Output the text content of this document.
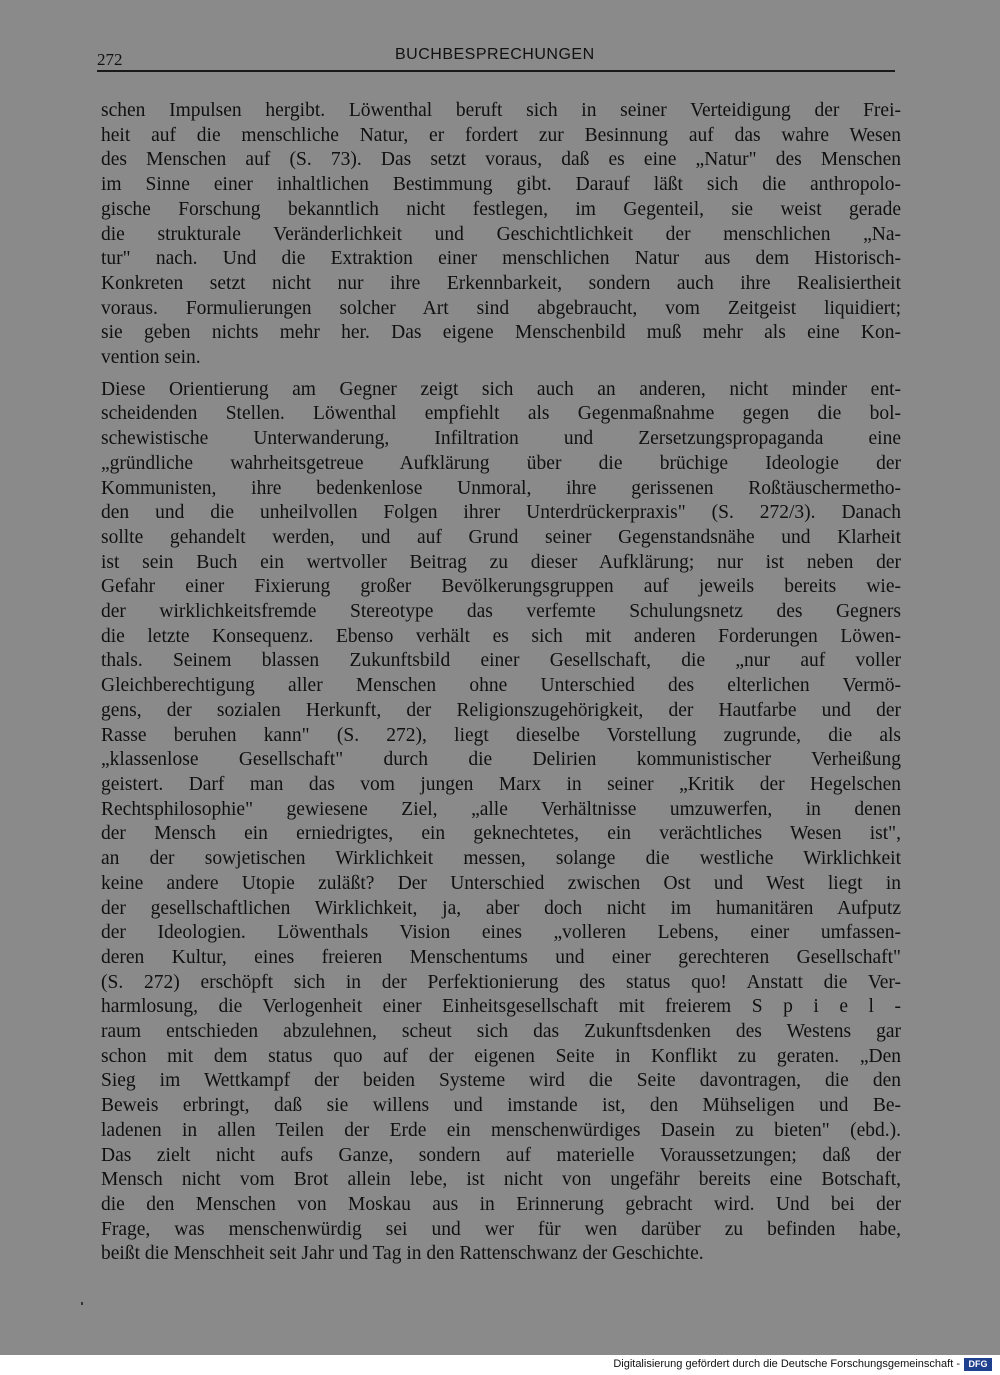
272	BUCHBESPRECHUNGEN

schen Impulsen hergibt. Löwenthal beruft sich in seiner Verteidigung der Frei-
heit auf die menschliche Natur, er fordert zur Besinnung auf das wahre Wesen
des Menschen auf (S. 73). Das setzt voraus, daß es eine „Natur" des Menschen
im Sinne einer inhaltlichen Bestimmung gibt. Darauf läßt sich die anthropolo-
gische Forschung bekanntlich nicht festlegen, im Gegenteil, sie weist gerade
die strukturale Veränderlichkeit und Geschichtlichkeit der menschlichen „Na-
tur" nach. Und die Extraktion einer menschlichen Natur aus dem Historisch-
Konkreten setzt nicht nur ihre Erkennbarkeit, sondern auch ihre Realisiertheit
voraus. Formulierungen solcher Art sind abgebraucht, vom Zeitgeist liquidiert;
sie geben nichts mehr her. Das eigene Menschenbild muß mehr als eine Kon-
vention sein.

Diese Orientierung am Gegner zeigt sich auch an anderen, nicht minder ent-
scheidenden Stellen. Löwenthal empfiehlt als Gegenmaßnahme gegen die bol-
schewistische Unterwanderung, Infiltration und Zersetzungspropaganda eine
„gründliche wahrheitsgetreue Aufklärung über die brüchige Ideologie der
Kommunisten, ihre bedenkenlose Unmoral, ihre gerissenen Roßtäuschermetho-
den und die unheilvollen Folgen ihrer Unterdrückerpraxis" (S. 272/3). Danach
sollte gehandelt werden, und auf Grund seiner Gegenstandsnähe und Klarheit
ist sein Buch ein wertvoller Beitrag zu dieser Aufklärung; nur ist neben der
Gefahr einer Fixierung großer Bevölkerungsgruppen auf jeweils bereits wie-
der wirklichkeitsfremde Stereotype das verfemte Schulungsnetz des Gegners
die letzte Konsequenz. Ebenso verhält es sich mit anderen Forderungen Löwen-
thals. Seinem blassen Zukunftsbild einer Gesellschaft, die „nur auf voller
Gleichberechtigung aller Menschen ohne Unterschied des elterlichen Vermö-
gens, der sozialen Herkunft, der Religionszugehörigkeit, der Hautfarbe und der
Rasse beruhen kann" (S. 272), liegt dieselbe Vorstellung zugrunde, die als
„klassenlose Gesellschaft" durch die Delirien kommunistischer Verheißung
geistert. Darf man das vom jungen Marx in seiner „Kritik der Hegelschen
Rechtsphilosophie" gewiesene Ziel, „alle Verhältnisse umzuwerfen, in denen
der Mensch ein erniedrigtes, ein geknechtetes, ein verächtliches Wesen ist",
an der sowjetischen Wirklichkeit messen, solange die westliche Wirklichkeit
keine andere Utopie zuläßt? Der Unterschied zwischen Ost und West liegt in
der gesellschaftlichen Wirklichkeit, ja, aber doch nicht im humanitären Aufputz
der Ideologien. Löwenthals Vision eines „volleren Lebens, einer umfassen-
deren Kultur, eines freieren Menschentums und einer gerechteren Gesellschaft"
(S. 272) erschöpft sich in der Perfektionierung des status quo! Anstatt die Ver-
harmlosung, die Verlogenheit einer Einheitsgesellschaft mit freierem S p i e l -
raum entschieden abzulehnen, scheut sich das Zukunftsdenken des Westens gar
schon mit dem status quo auf der eigenen Seite in Konflikt zu geraten. „Den
Sieg im Wettkampf der beiden Systeme wird die Seite davontragen, die den
Beweis erbringt, daß sie willens und imstande ist, den Mühseligen und Be-
ladenen in allen Teilen der Erde ein menschenwürdiges Dasein zu bieten" (ebd.).
Das zielt nicht aufs Ganze, sondern auf materielle Voraussetzungen; daß der
Mensch nicht vom Brot allein lebe, ist nicht von ungefähr bereits eine Botschaft,
die den Menschen von Moskau aus in Erinnerung gebracht wird. Und bei der
Frage, was menschenwürdig sei und wer für wen darüber zu befinden habe,
beißt die Menschheit seit Jahr und Tag in den Rattenschwanz der Geschichte.

Digitalisierung gefördert durch die Deutsche Forschungsgemeinschaft - DFG
